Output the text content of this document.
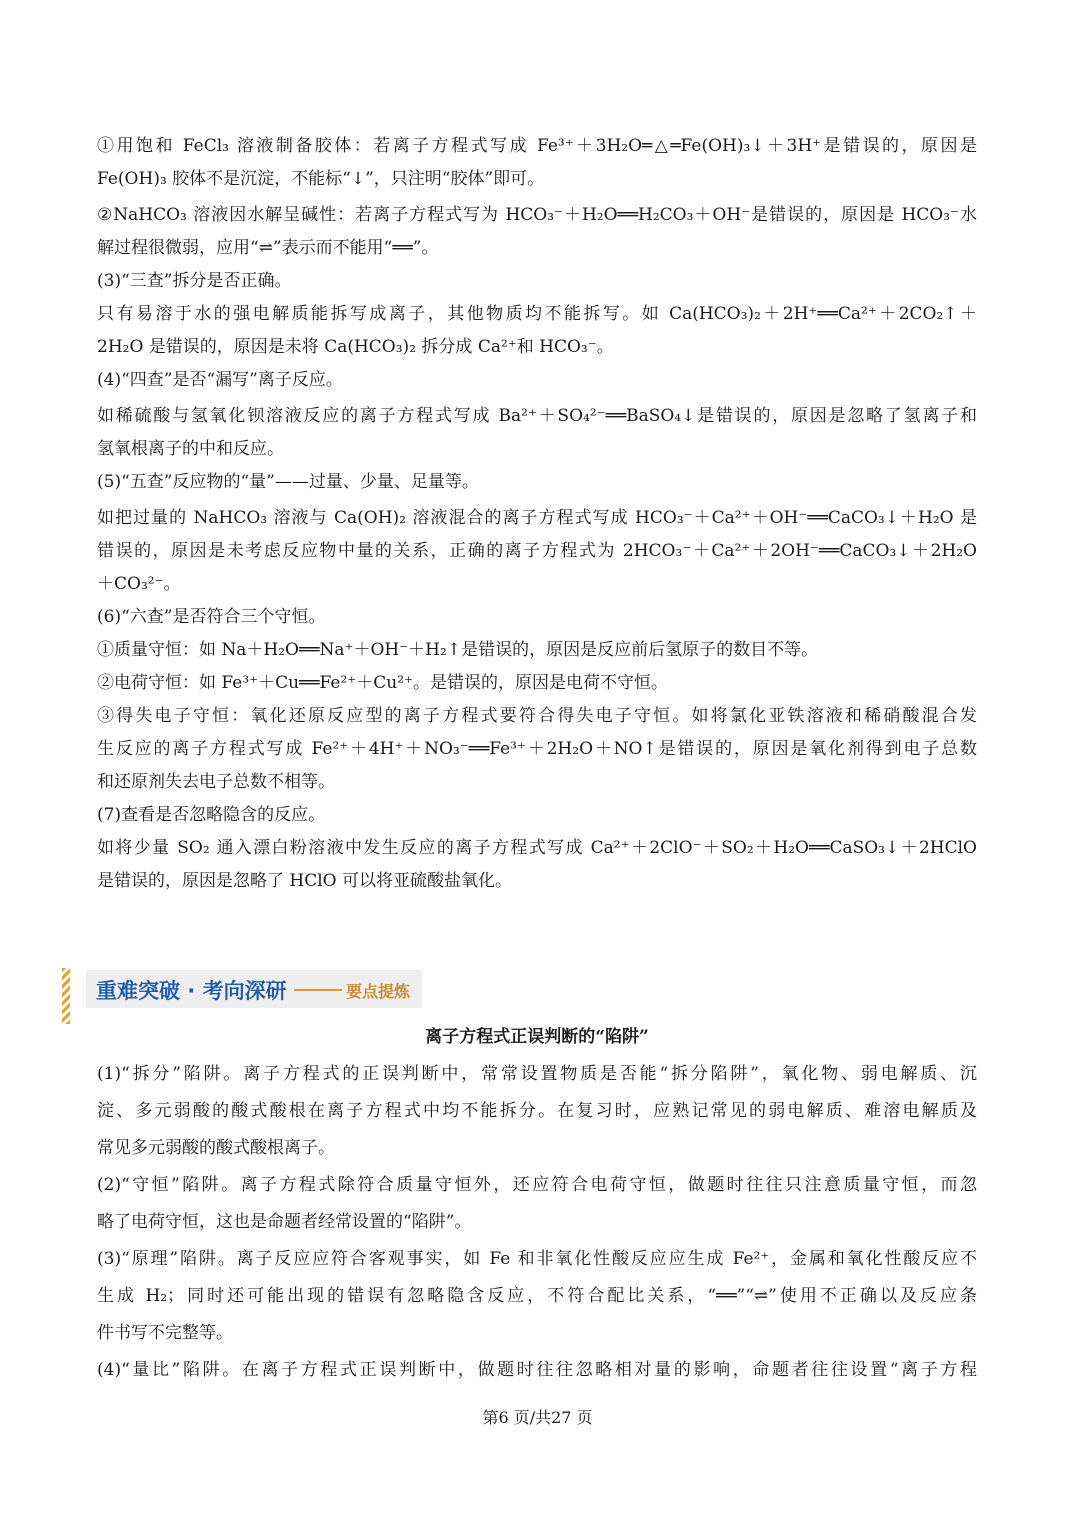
①用饱和 FeCl₃ 溶液制备胶体：若离子方程式写成 Fe³⁺＋3H₂O═△═Fe(OH)₃↓＋3H⁺是错误的，原因是
Fe(OH)₃ 胶体不是沉淀，不能标“↓”，只注明“胶体”即可。
②NaHCO₃ 溶液因水解呈碱性：若离子方程式写为 HCO₃⁻＋H₂O══H₂CO₃＋OH⁻是错误的，原因是 HCO₃⁻水
解过程很微弱，应用“⇌”表示而不能用“══”。
(3)“三查”拆分是否正确。
只有易溶于水的强电解质能拆写成离子，其他物质均不能拆写。如 Ca(HCO₃)₂＋2H⁺══Ca²⁺＋2CO₂↑＋
2H₂O 是错误的，原因是未将 Ca(HCO₃)₂ 拆分成 Ca²⁺和 HCO₃⁻。
(4)“四查”是否“漏写”离子反应。
如稀硫酸与氢氧化钡溶液反应的离子方程式写成 Ba²⁺＋SO₄²⁻══BaSO₄↓是错误的，原因是忽略了氢离子和
氢氧根离子的中和反应。
(5)“五查”反应物的“量”——过量、少量、足量等。
如把过量的 NaHCO₃ 溶液与 Ca(OH)₂ 溶液混合的离子方程式写成 HCO₃⁻＋Ca²⁺＋OH⁻══CaCO₃↓＋H₂O 是
错误的，原因是未考虑反应物中量的关系，正确的离子方程式为 2HCO₃⁻＋Ca²⁺＋2OH⁻══CaCO₃↓＋2H₂O
＋CO₃²⁻。
(6)“六查”是否符合三个守恒。
①质量守恒：如 Na＋H₂O══Na⁺＋OH⁻＋H₂↑是错误的，原因是反应前后氢原子的数目不等。
②电荷守恒：如 Fe³⁺＋Cu══Fe²⁺＋Cu²⁺。是错误的，原因是电荷不守恒。
③得失电子守恒：氧化还原反应型的离子方程式要符合得失电子守恒。如将氯化亚铁溶液和稀硝酸混合发
生反应的离子方程式写成 Fe²⁺＋4H⁺＋NO₃⁻══Fe³⁺＋2H₂O＋NO↑是错误的，原因是氧化剂得到电子总数
和还原剂失去电子总数不相等。
(7)查看是否忽略隐含的反应。
如将少量 SO₂ 通入漂白粉溶液中发生反应的离子方程式写成 Ca²⁺＋2ClO⁻＋SO₂＋H₂O══CaSO₃↓＋2HClO
是错误的，原因是忽略了 HClO 可以将亚硫酸盐氧化。
重难突破 · 考向深研	要点提炼
离子方程式正误判断的“陷阱”
(1)“拆分”陷阱。离子方程式的正误判断中，常常设置物质是否能“拆分陷阱”，氧化物、弱电解质、沉
淀、多元弱酸的酸式酸根在离子方程式中均不能拆分。在复习时，应熟记常见的弱电解质、难溶电解质及
常见多元弱酸的酸式酸根离子。
(2)“守恒”陷阱。离子方程式除符合质量守恒外，还应符合电荷守恒，做题时往往只注意质量守恒，而忽
略了电荷守恒，这也是命题者经常设置的“陷阱”。
(3)“原理”陷阱。离子反应应符合客观事实，如 Fe 和非氧化性酸反应应生成 Fe²⁺，金属和氧化性酸反应不
生成 H₂；同时还可能出现的错误有忽略隐含反应，不符合配比关系，“══”“⇌”使用不正确以及反应条
件书写不完整等。
(4)“量比”陷阱。在离子方程式正误判断中，做题时往往忽略相对量的影响，命题者往往设置“离子方程
第6 页/共27 页
